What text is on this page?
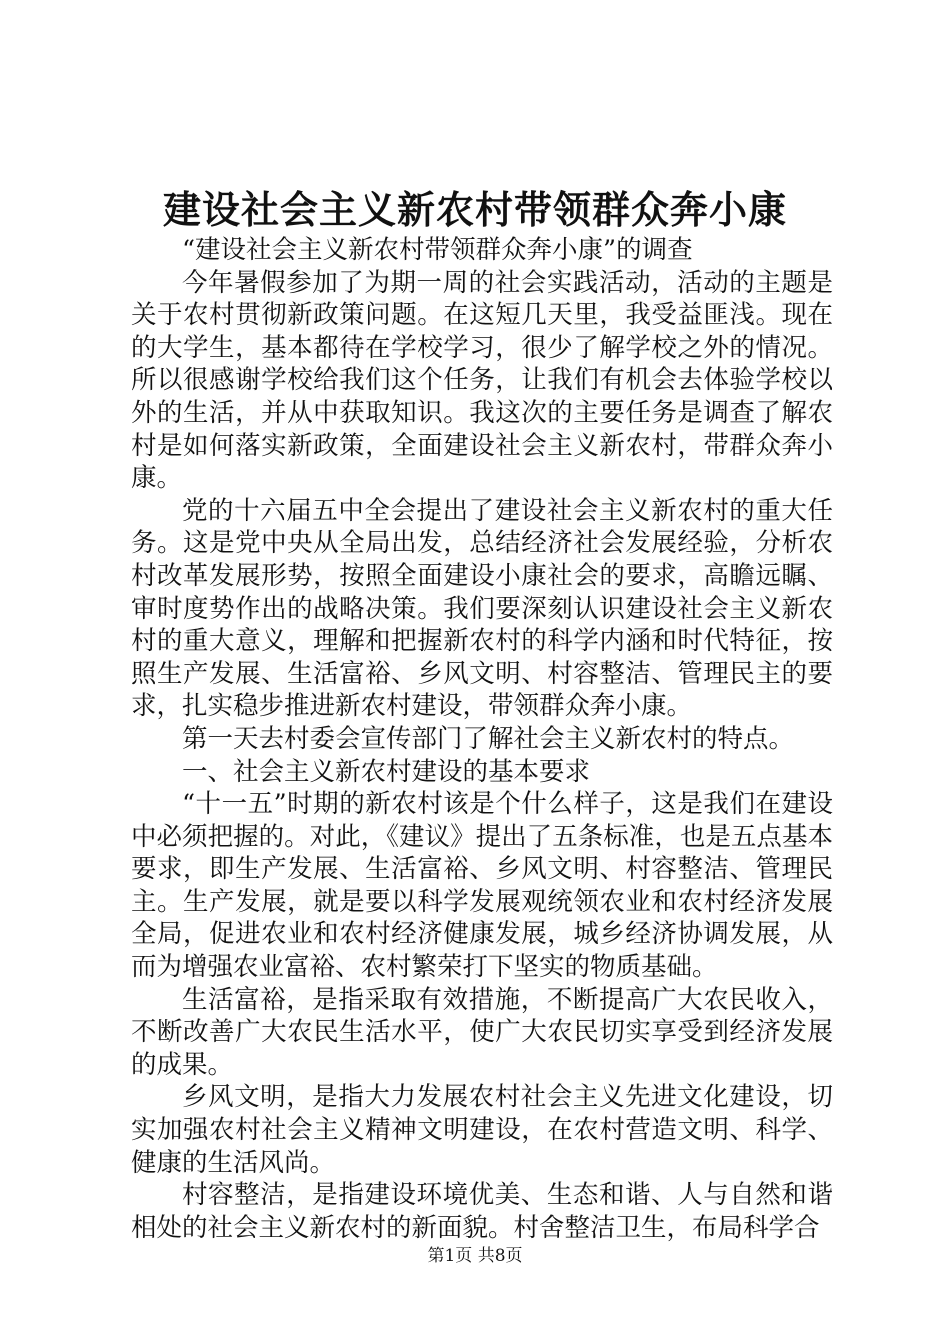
建设社会主义新农村带领群众奔小康

“建设社会主义新农村带领群众奔小康”的调查

今年暑假参加了为期一周的社会实践活动，活动的主题是关于农村贯彻新政策问题。在这短几天里，我受益匪浅。现在的大学生，基本都待在学校学习，很少了解学校之外的情况。所以很感谢学校给我们这个任务，让我们有机会去体验学校以外的生活，并从中获取知识。我这次的主要任务是调查了解农村是如何落实新政策，全面建设社会主义新农村，带群众奔小康。

党的十六届五中全会提出了建设社会主义新农村的重大任务。这是党中央从全局出发，总结经济社会发展经验，分析农村改革发展形势，按照全面建设小康社会的要求，高瞻远瞩、审时度势作出的战略决策。我们要深刻认识建设社会主义新农村的重大意义，理解和把握新农村的科学内涵和时代特征，按照生产发展、生活富裕、乡风文明、村容整洁、管理民主的要求，扎实稳步推进新农村建设，带领群众奔小康。

第一天去村委会宣传部门了解社会主义新农村的特点。

一、社会主义新农村建设的基本要求

“十一五”时期的新农村该是个什么样子，这是我们在建设中必须把握的。对此，《建议》提出了五条标准，也是五点基本要求，即生产发展、生活富裕、乡风文明、村容整洁、管理民主。生产发展，就是要以科学发展观统领农业和农村经济发展全局，促进农业和农村经济健康发展，城乡经济协调发展，从而为增强农业富裕、农村繁荣打下坚实的物质基础。

生活富裕，是指采取有效措施，不断提高广大农民收入，不断改善广大农民生活水平，使广大农民切实享受到经济发展的成果。

乡风文明，是指大力发展农村社会主义先进文化建设，切实加强农村社会主义精神文明建设，在农村营造文明、科学、健康的生活风尚。

村容整洁，是指建设环境优美、生态和谐、人与自然和谐相处的社会主义新农村的新面貌。村舍整洁卫生，布局科学合

第1页 共8页
